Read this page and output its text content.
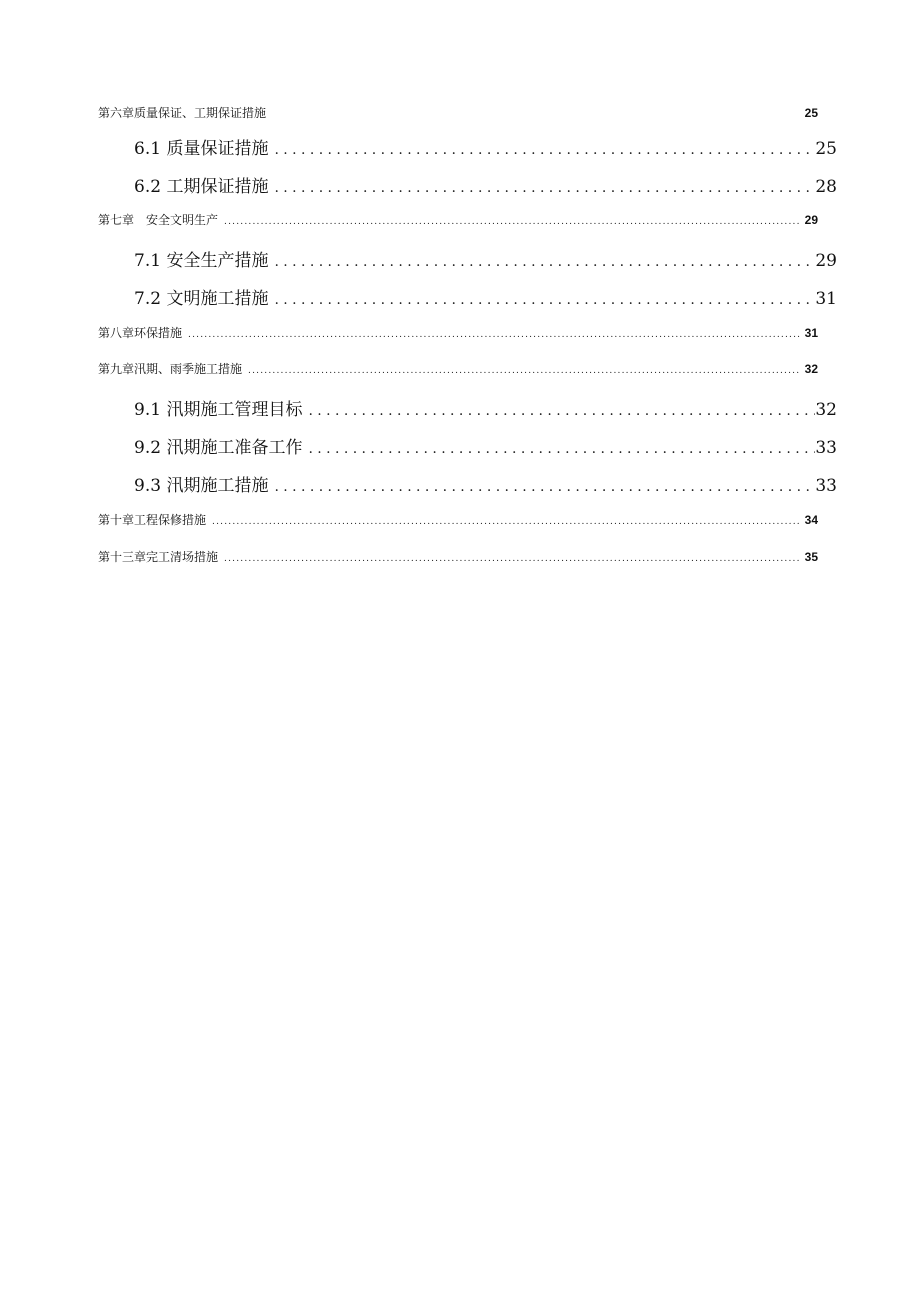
第六章质量保证、工期保证措施	25
6.1 质量保证措施 .....	25
6.2 工期保证措施 .....	28
第七章　安全文明生产 .....	29
7.1 安全生产措施 .....	29
7.2 文明施工措施 .....	31
第八章环保措施 .....	31
第九章汛期、雨季施工措施 .....	32
9.1 汛期施工管理目标 .....	32
9.2 汛期施工准备工作 .....	33
9.3 汛期施工措施 .....	33
第十章工程保修措施 .....	34
第十三章完工清场措施 .....	35
